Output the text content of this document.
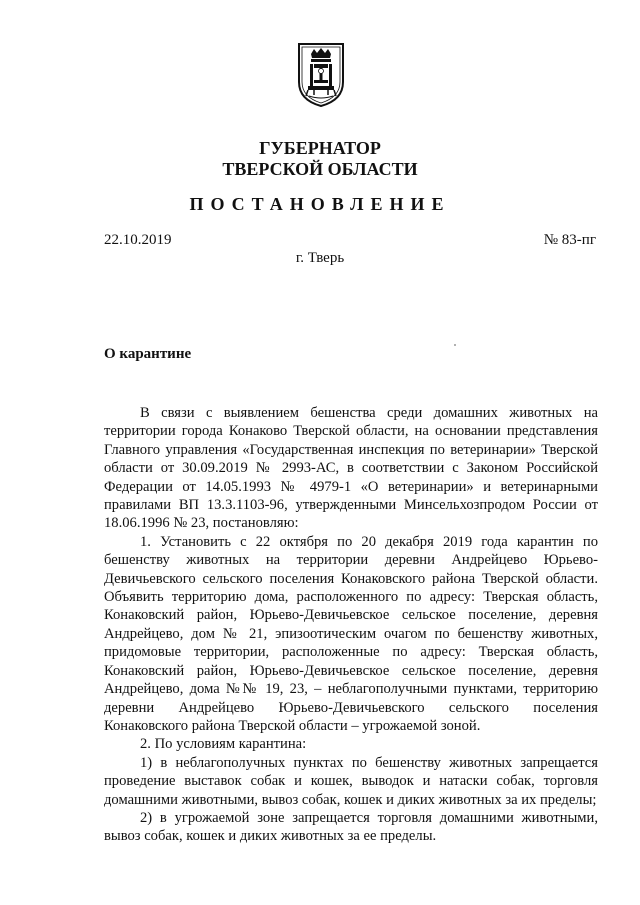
ГУБЕРНАТОР
ТВЕРСКОЙ ОБЛАСТИ
ПОСТАНОВЛЕНИЕ
22.10.2019	№ 83-пг
г. Тверь
О карантине

В связи с выявлением бешенства среди домашних животных на территории города Конаково Тверской области, на основании представления Главного управления «Государственная инспекция по ветеринарии» Тверской области от 30.09.2019 № 2993-АС, в соответствии с Законом Российской Федерации от 14.05.1993 № 4979-1 «О ветеринарии» и ветеринарными правилами ВП 13.3.1103-96, утвержденными Минсельхозпродом России от 18.06.1996 № 23, постановляю:

1. Установить с 22 октября по 20 декабря 2019 года карантин по бешенству животных на территории деревни Андрейцево Юрьево-Девичьевского сельского поселения Конаковского района Тверской области. Объявить территорию дома, расположенного по адресу: Тверская область, Конаковский район, Юрьево-Девичьевское сельское поселение, деревня Андрейцево, дом № 21, эпизоотическим очагом по бешенству животных, придомовые территории, расположенные по адресу: Тверская область, Конаковский район, Юрьево-Девичьевское сельское поселение, деревня Андрейцево, дома №№ 19, 23, – неблагополучными пунктами, территорию деревни Андрейцево Юрьево-Девичьевского сельского поселения Конаковского района Тверской области – угрожаемой зоной.

2. По условиям карантина:

1) в неблагополучных пунктах по бешенству животных запрещается проведение выставок собак и кошек, выводок и натаски собак, торговля домашними животными, вывоз собак, кошек и диких животных за их пределы;

2) в угрожаемой зоне запрещается торговля домашними животными, вывоз собак, кошек и диких животных за ее пределы.
